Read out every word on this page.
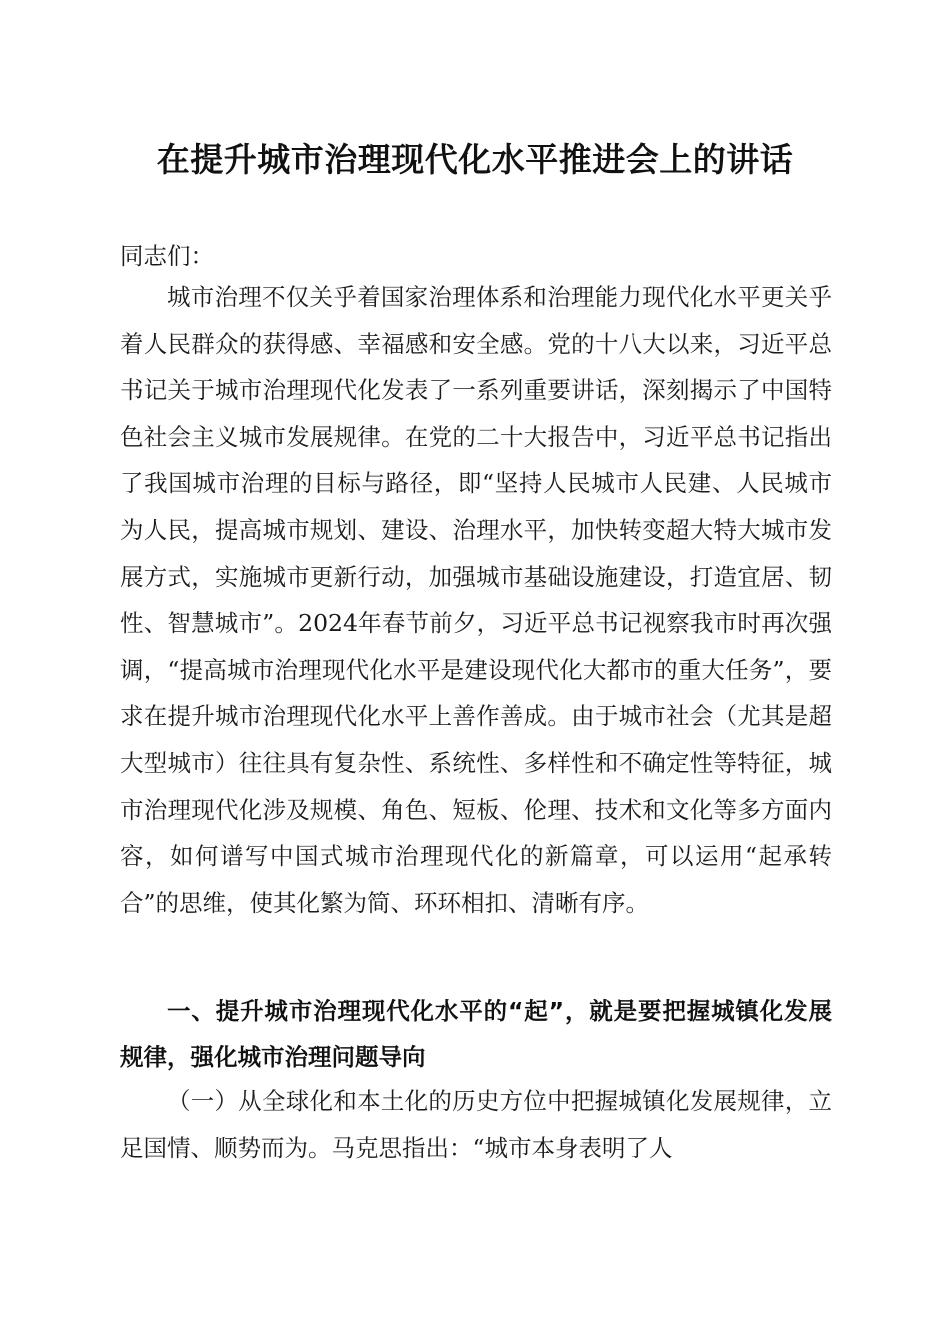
在提升城市治理现代化水平推进会上的讲话
同志们：

城市治理不仅关乎着国家治理体系和治理能力现代化水平更关乎着人民群众的获得感、幸福感和安全感。党的十八大以来，习近平总书记关于城市治理现代化发表了一系列重要讲话，深刻揭示了中国特色社会主义城市发展规律。在党的二十大报告中，习近平总书记指出了我国城市治理的目标与路径，即“坚持人民城市人民建、人民城市为人民，提高城市规划、建设、治理水平，加快转变超大特大城市发展方式，实施城市更新行动，加强城市基础设施建设，打造宜居、韧性、智慧城市”。2024年春节前夕，习近平总书记视察我市时再次强调，“提高城市治理现代化水平是建设现代化大都市的重大任务”，要求在提升城市治理现代化水平上善作善成。由于城市社会（尤其是超大型城市）往往具有复杂性、系统性、多样性和不确定性等特征，城市治理现代化涉及规模、角色、短板、伦理、技术和文化等多方面内容，如何谱写中国式城市治理现代化的新篇章，可以运用“起承转合”的思维，使其化繁为简、环环相扣、清晰有序。

一、提升城市治理现代化水平的“起”，就是要把握城镇化发展规律，强化城市治理问题导向

（一）从全球化和本土化的历史方位中把握城镇化发展规律，立足国情、顺势而为。马克思指出：“城市本身表明了人
